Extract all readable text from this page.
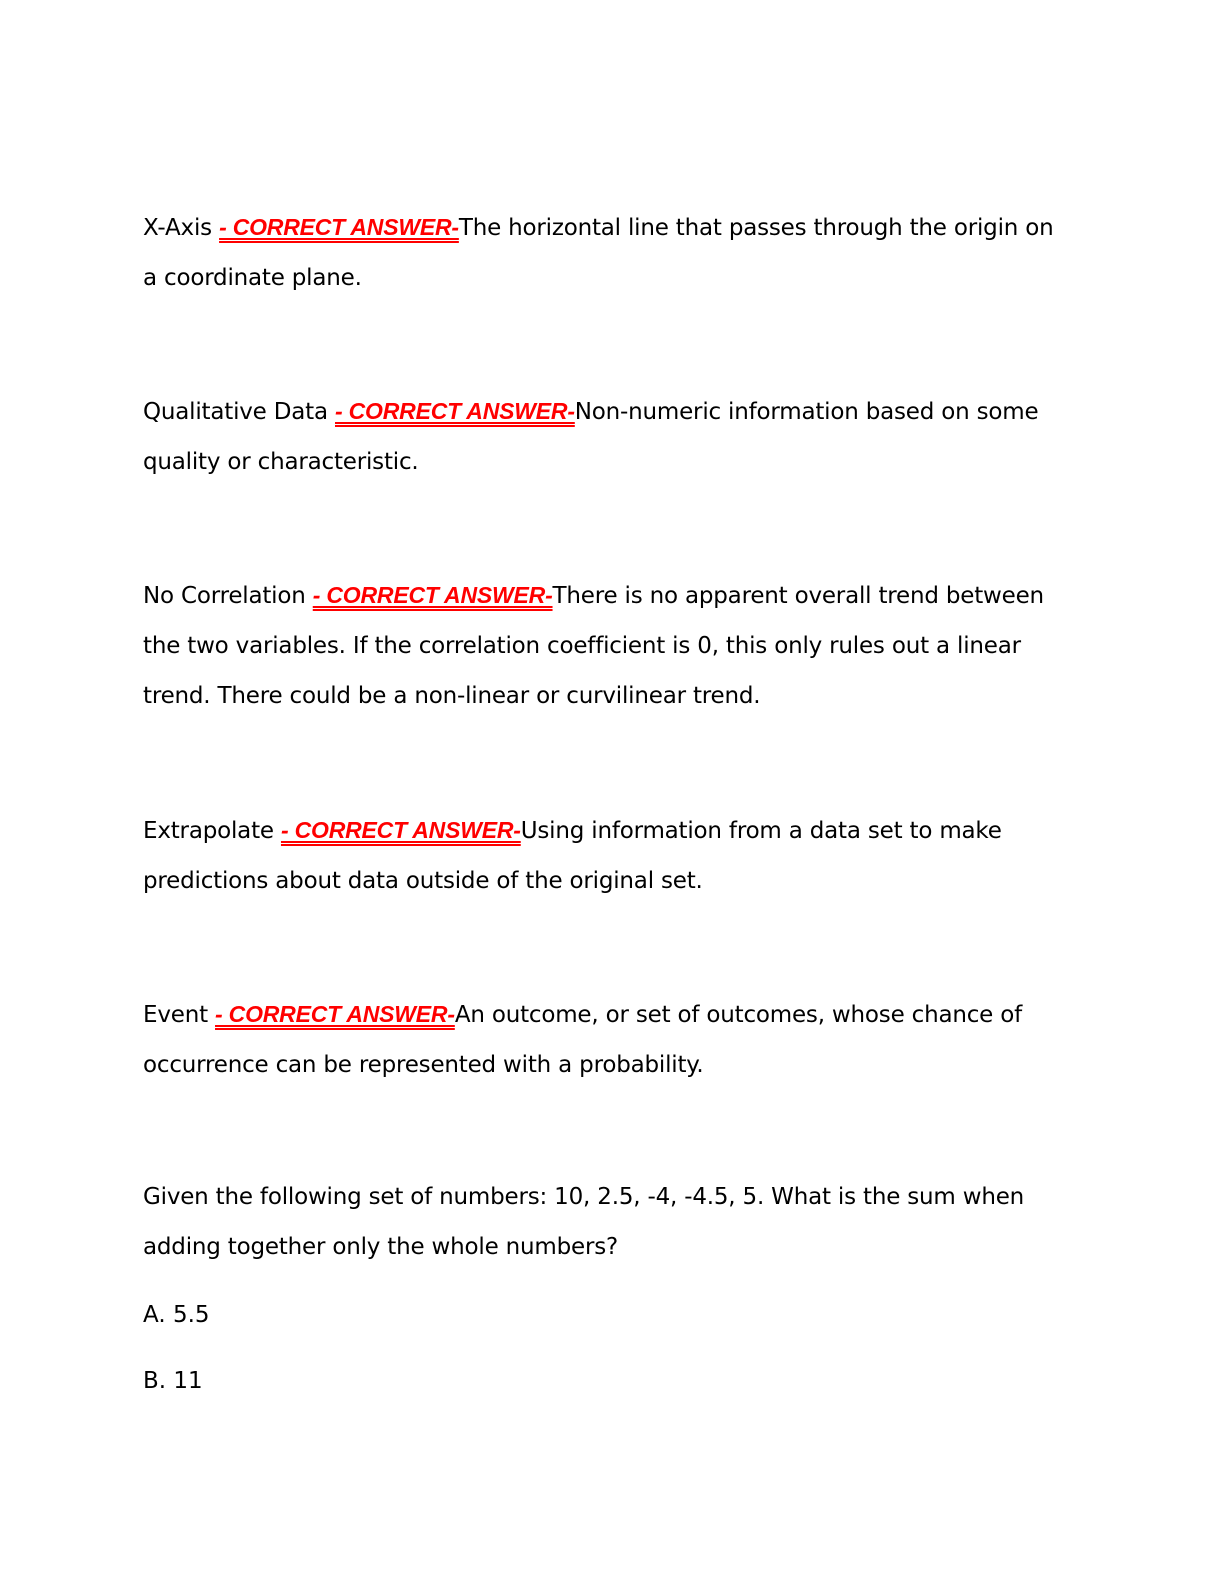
X-Axis - CORRECT ANSWER-The horizontal line that passes through the origin on a coordinate plane.
Qualitative Data - CORRECT ANSWER-Non-numeric information based on some quality or characteristic.
No Correlation - CORRECT ANSWER-There is no apparent overall trend between the two variables. If the correlation coefficient is 0, this only rules out a linear trend. There could be a non-linear or curvilinear trend.
Extrapolate - CORRECT ANSWER-Using information from a data set to make predictions about data outside of the original set.
Event - CORRECT ANSWER-An outcome, or set of outcomes, whose chance of occurrence can be represented with a probability.
Given the following set of numbers: 10, 2.5, -4, -4.5, 5. What is the sum when adding together only the whole numbers?
A. 5.5
B. 11
